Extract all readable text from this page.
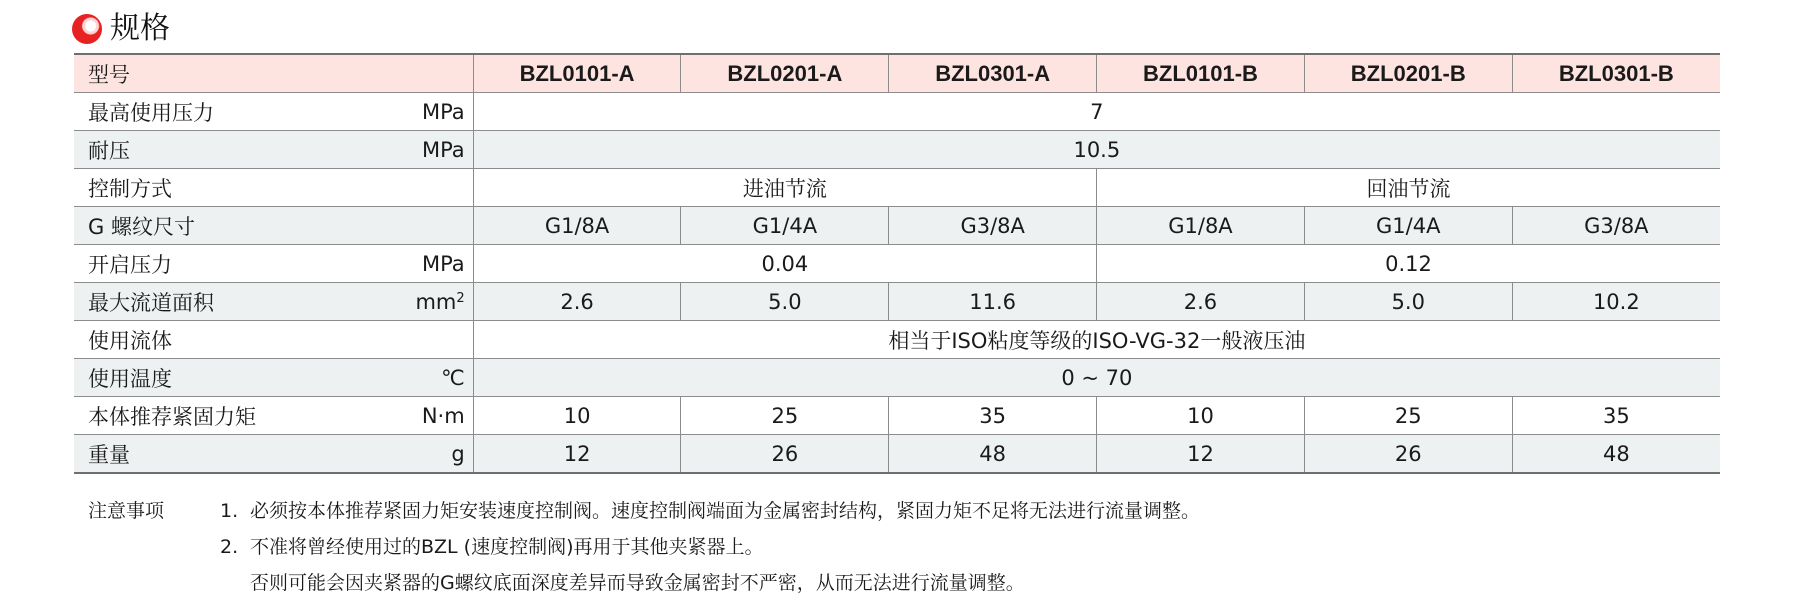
规格
型号	BZL0101-A	BZL0201-A	BZL0301-A	BZL0101-B	BZL0201-B	BZL0301-B

最高使用压力 MPa	7					

耐压 MPa	10.5					

控制方式	进油节流			回油节流		

G 螺纹尺寸	G1/8A	G1/4A	G3/8A	G1/8A	G1/4A	G3/8A

开启压力 MPa	0.04			0.12		

最大流道面积 $mm^2$	2.6	5.0	11.6	2.6	5.0	10.2

使用流体	相当于ISO粘度等级的ISO-VG-32一般液压油					

使用温度 ℃	0 ~ 70					

本体推荐紧固力矩 N·m	10	25	35	10	25	35

重量 g	12	26	48	12	26	48
注意事项	1. 必须按本体推荐紧固力矩安装速度控制阀。速度控制阀端面为金属密封结构，紧固力矩不足将无法进行流量调整。
2. 不准将曾经使用过的BZL (速度控制阀)再用于其他夹紧器上。
否则可能会因夹紧器的G螺纹底面深度差异而导致金属密封不严密，从而无法进行流量调整。
